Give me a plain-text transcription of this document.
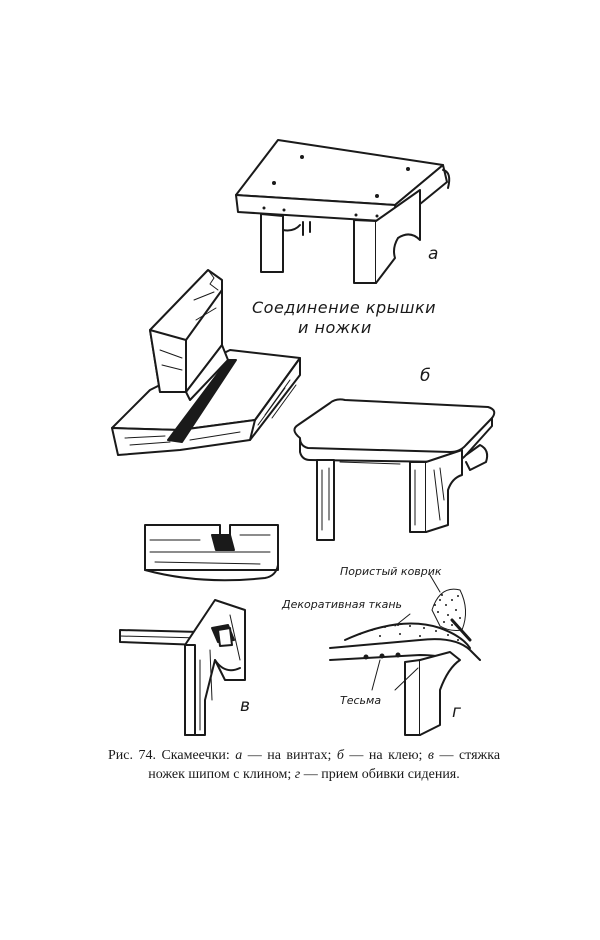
а
Соединение крышки
и ножки
б
Пористый коврик
Декоративная ткань
Тесьма
в	г
Рис. 74. Скамеечки: а — на винтах; б — на клею; в — стяжка ножек шипом с клином; г — прием обивки сидения.
